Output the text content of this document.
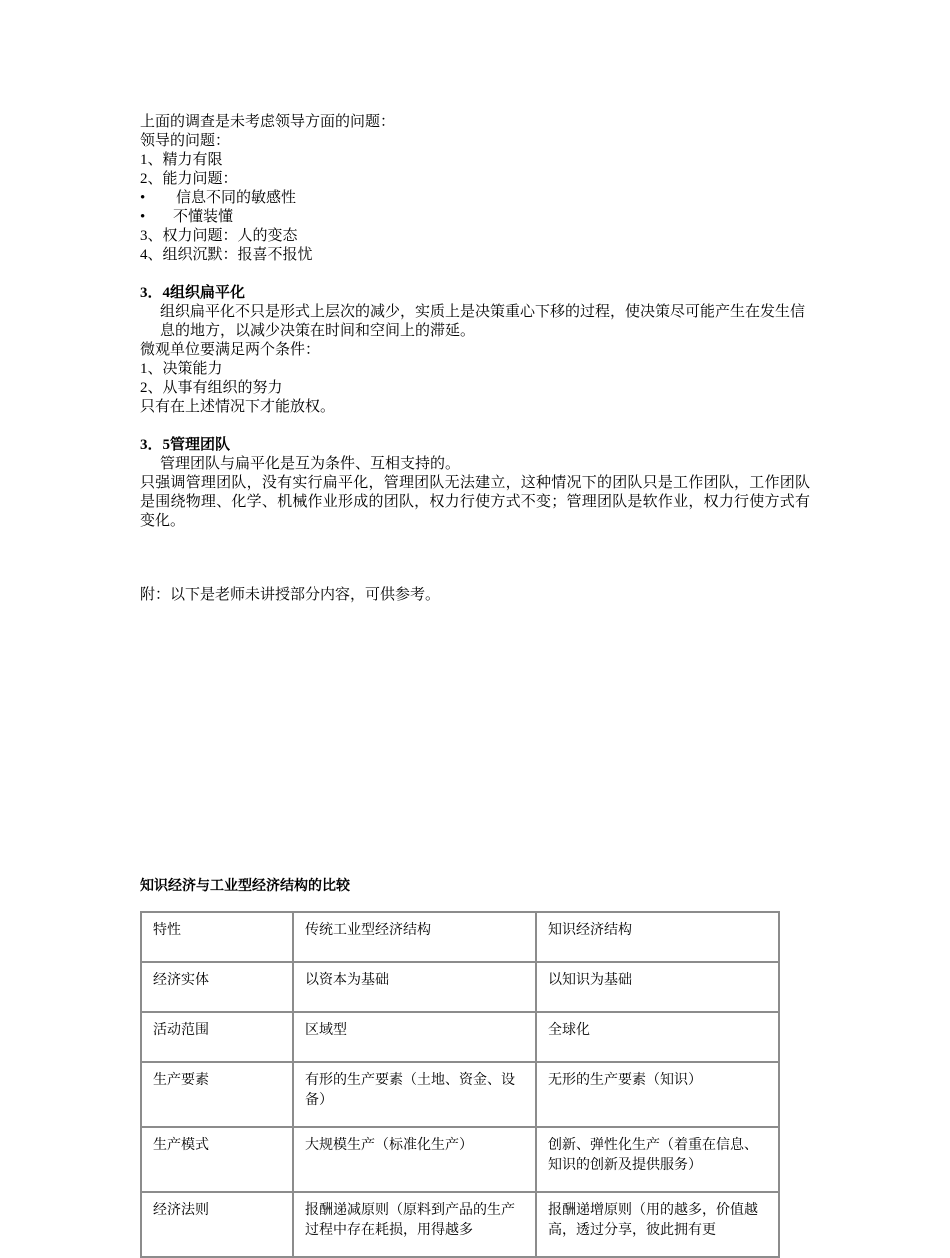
上面的调查是未考虑领导方面的问题：
领导的问题：
1、精力有限
2、能力问题：
•	信息不同的敏感性
•	不懂装懂
3、权力问题：人的变态
4、组织沉默：报喜不报忧
3．4组织扁平化
组织扁平化不只是形式上层次的减少，实质上是决策重心下移的过程，使决策尽可能产生在发生信息的地方，以减少决策在时间和空间上的滞延。
微观单位要满足两个条件：
1、决策能力
2、从事有组织的努力
只有在上述情况下才能放权。
3．5管理团队
管理团队与扁平化是互为条件、互相支持的。
只强调管理团队，没有实行扁平化，管理团队无法建立，这种情况下的团队只是工作团队，工作团队是围绕物理、化学、机械作业形成的团队，权力行使方式不变；管理团队是软作业，权力行使方式有变化。
附：以下是老师未讲授部分内容，可供参考。
知识经济与工业型经济结构的比较
特性	传统工业型经济结构	知识经济结构
经济实体	以资本为基础	以知识为基础
活动范围	区域型	全球化
生产要素	有形的生产要素（土地、资金、设备）	无形的生产要素（知识）
生产模式	大规模生产（标准化生产）	创新、弹性化生产（着重在信息、知识的创新及提供服务）
经济法则	报酬递减原则（原料到产品的生产过程中存在耗损，用得越多	报酬递增原则（用的越多，价值越高，透过分享，彼此拥有更
